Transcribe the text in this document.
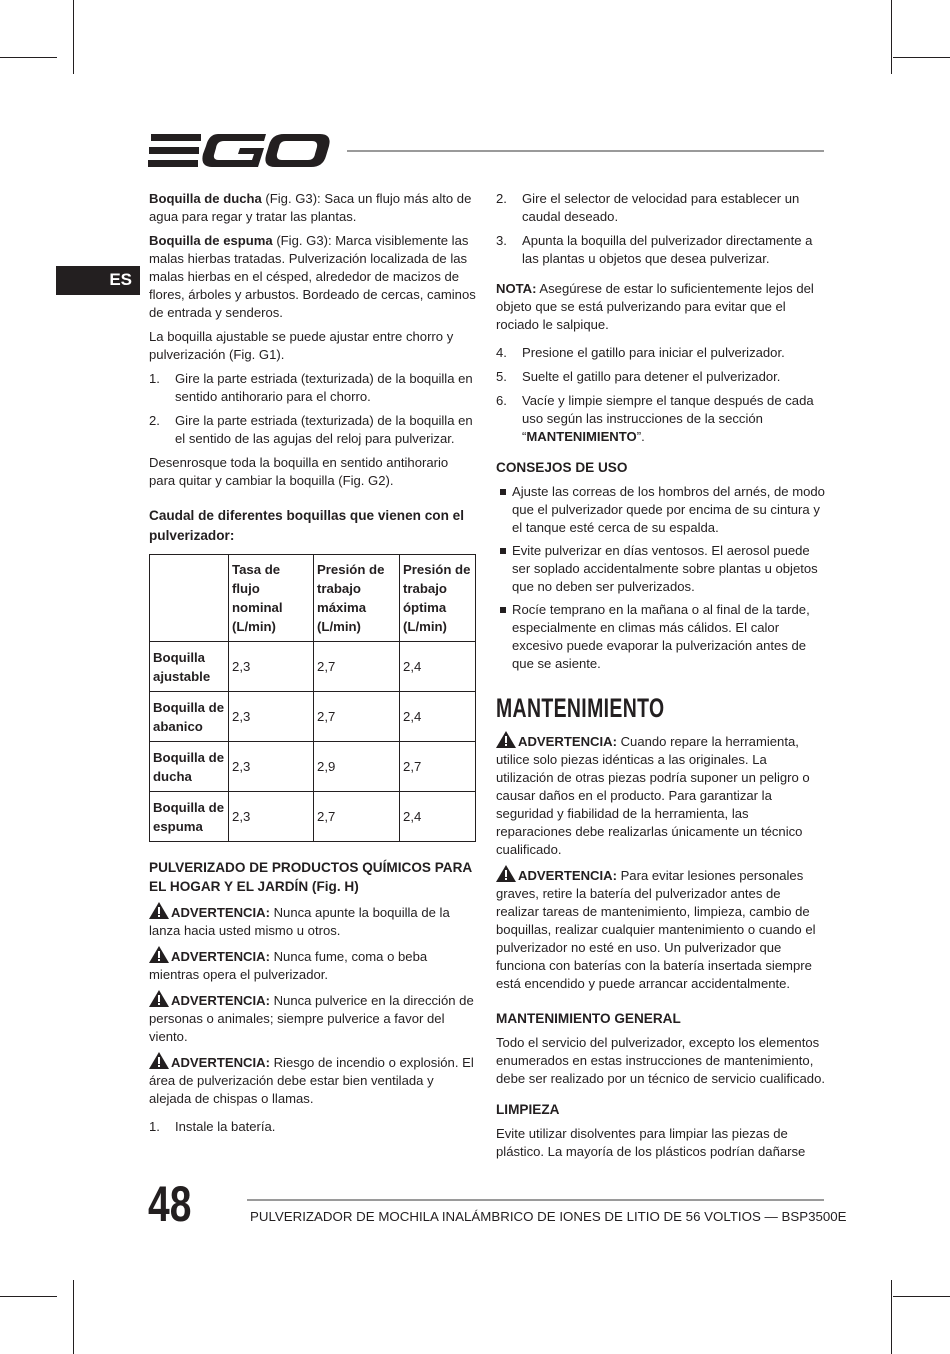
EGO
ES

Boquilla de ducha (Fig. G3): Saca un flujo más alto de agua para regar y tratar las plantas.

Boquilla de espuma (Fig. G3): Marca visiblemente las malas hierbas tratadas. Pulverización localizada de las malas hierbas en el césped, alrededor de macizos de flores, árboles y arbustos. Bordeado de cercas, caminos de entrada y senderos.

La boquilla ajustable se puede ajustar entre chorro y pulverización (Fig. G1).

1.	Gire la parte estriada (texturizada) de la boquilla en sentido antihorario para el chorro.
2.	Gire la parte estriada (texturizada) de la boquilla en el sentido de las agujas del reloj para pulverizar.

Desenrosque toda la boquilla en sentido antihorario para quitar y cambiar la boquilla (Fig. G2).

Caudal de diferentes boquillas que vienen con el pulverizador:
	Tasa de flujo nominal (L/min)	Presión de trabajo máxima (L/min)	Presión de trabajo óptima (L/min)
Boquilla ajustable	2,3	2,7	2,4
Boquilla de abanico	2,3	2,7	2,4
Boquilla de ducha	2,3	2,9	2,7
Boquilla de espuma	2,3	2,7	2,4
PULVERIZADO DE PRODUCTOS QUÍMICOS PARA EL HOGAR Y EL JARDÍN (Fig. H)

ADVERTENCIA: Nunca apunte la boquilla de la lanza hacia usted mismo u otros.

ADVERTENCIA: Nunca fume, coma o beba mientras opera el pulverizador.

ADVERTENCIA: Nunca pulverice en la dirección de personas o animales; siempre pulverice a favor del viento.

ADVERTENCIA: Riesgo de incendio o explosión. El área de pulverización debe estar bien ventilada y alejada de chispas o llamas.

1.	Instale la batería.
2.	Gire el selector de velocidad para establecer un caudal deseado.
3.	Apunta la boquilla del pulverizador directamente a las plantas u objetos que desea pulverizar.

NOTA: Asegúrese de estar lo suficientemente lejos del objeto que se está pulverizando para evitar que el rociado le salpique.

4.	Presione el gatillo para iniciar el pulverizador.
5.	Suelte el gatillo para detener el pulverizador.
6.	Vacíe y limpie siempre el tanque después de cada uso según las instrucciones de la sección “MANTENIMIENTO”.
CONSEJOS DE USO
Ajuste las correas de los hombros del arnés, de modo que el pulverizador quede por encima de su cintura y el tanque esté cerca de su espalda.
Evite pulverizar en días ventosos. El aerosol puede ser soplado accidentalmente sobre plantas u objetos que no deben ser pulverizados.
Rocíe temprano en la mañana o al final de la tarde, especialmente en climas más cálidos. El calor excesivo puede evaporar la pulverización antes de que se asiente.
MANTENIMIENTO

ADVERTENCIA: Cuando repare la herramienta, utilice solo piezas idénticas a las originales. La utilización de otras piezas podría suponer un peligro o causar daños en el producto. Para garantizar la seguridad y fiabilidad de la herramienta, las reparaciones debe realizarlas únicamente un técnico cualificado.

ADVERTENCIA: Para evitar lesiones personales graves, retire la batería del pulverizador antes de realizar tareas de mantenimiento, limpieza, cambio de boquillas, realizar cualquier mantenimiento o cuando el pulverizador no esté en uso. Un pulverizador que funciona con baterías con la batería insertada siempre está encendido y puede arrancar accidentalmente.

MANTENIMIENTO GENERAL

Todo el servicio del pulverizador, excepto los elementos enumerados en estas instrucciones de mantenimiento, debe ser realizado por un técnico de servicio cualificado.

LIMPIEZA

Evite utilizar disolventes para limpiar las piezas de plástico. La mayoría de los plásticos podrían dañarse

48	PULVERIZADOR DE MOCHILA INALÁMBRICO DE IONES DE LITIO DE 56 VOLTIOS — BSP3500E
